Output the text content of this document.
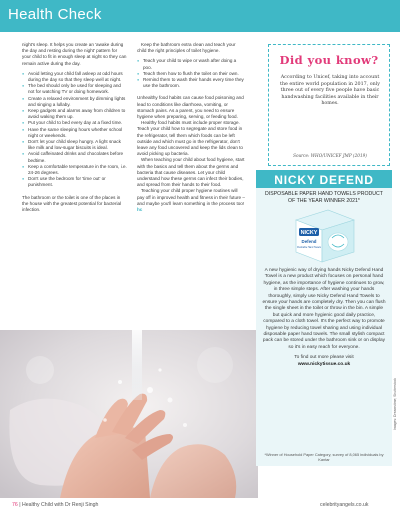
Health Check

night's sleep. It helps you create an 'awake during the day and resting during the night' pattern for your child to fit in enough sleep at night so they can remain active during the day.

● Avoid letting your child fall asleep at odd hours during the day so that they sleep well at night.
● The bed should only be used for sleeping and not for watching TV or doing homework.
● Create a relaxed environment by dimming lights and singing a lullaby.
● Keep gadgets and alarms away from children to avoid waking them up.
● Put your child to bed every day at a fixed time.
● Have the same sleeping hours whether school night or weekends.
● Don't let your child sleep hungry. A light snack like milk and low-sugar biscuits is ideal.
● Avoid caffeinated drinks and chocolates before bedtime.
● Keep a comfortable temperature in the room, i.e. 24-26 degrees.
● Don't use the bedroom for 'time out' or punishment.

The bathroom or the toilet is one of the places in the house with the greatest potential for bacterial infection.

Keep the bathroom extra clean and teach your child the right principles of toilet hygiene.

● Teach your child to wipe or wash after doing a poo.
● Teach them how to flush the toilet on their own.
● Remind them to wash their hands every time they use the bathroom.

Unhealthy food habits can cause food poisoning and lead to conditions like diarrhoea, vomiting, or stomach pains. As a parent, you need to ensure hygiene when preparing, serving, or feeding food.

Healthy food habits must include proper storage. Teach your child how to segregate and store food in the refrigerator, tell them which foods can be left outside and which must go in the refrigerator, don't leave any food uncovered and keep the lids clean to avoid picking up bacteria.

When teaching your child about food hygiene, start with the basics and tell them about the germs and bacteria that cause diseases. Let your child understand how these germs can infect their bodies, and spread from their hands to their food.

Teaching your child proper hygiene routines will pay off in improved health and fitness in their future – and maybe you'll learn something in the process too! hc

Did you know?
According to Unicef, taking into account the entire world population in 2017, only three out of every five people have basic handwashing facilities available in their homes.
Source: WHO/UNICEF JMP (2019)
NICKY DEFEND
DISPOSABLE PAPER HAND TOWELS PRODUCT OF THE YEAR WINNER 2021*
NICKY
Defend
Flushable Hand Towels

A new hygienic way of drying hands Nicky Defend Hand Towel is a new product which focuses on personal hand hygiene, as the importance of hygiene continues to grow, in three simple steps. After washing your hands thoroughly, simply use Nicky Defend Hand Towels to ensure your hands are completely dry. Then you can flush the single sheet in the toilet or throw in the bin. A simple but quick and more hygienic good daily practice, compared to a cloth towel. It's the perfect way to promote hygiene by reducing towel sharing and using individual disposable paper hand towels. The small stylish compact pack can be stored under the bathroom sink or on display so it's in easy reach for everyone.

To find out more please visit

www.nickytissue.co.uk

*Winner of Household Paper Category, survey of 8,065 individuals by Kantar
Images: Dreamstime; Shutterstock
76 | Healthy Child with Dr Renji Singh	celebrityangels.co.uk
